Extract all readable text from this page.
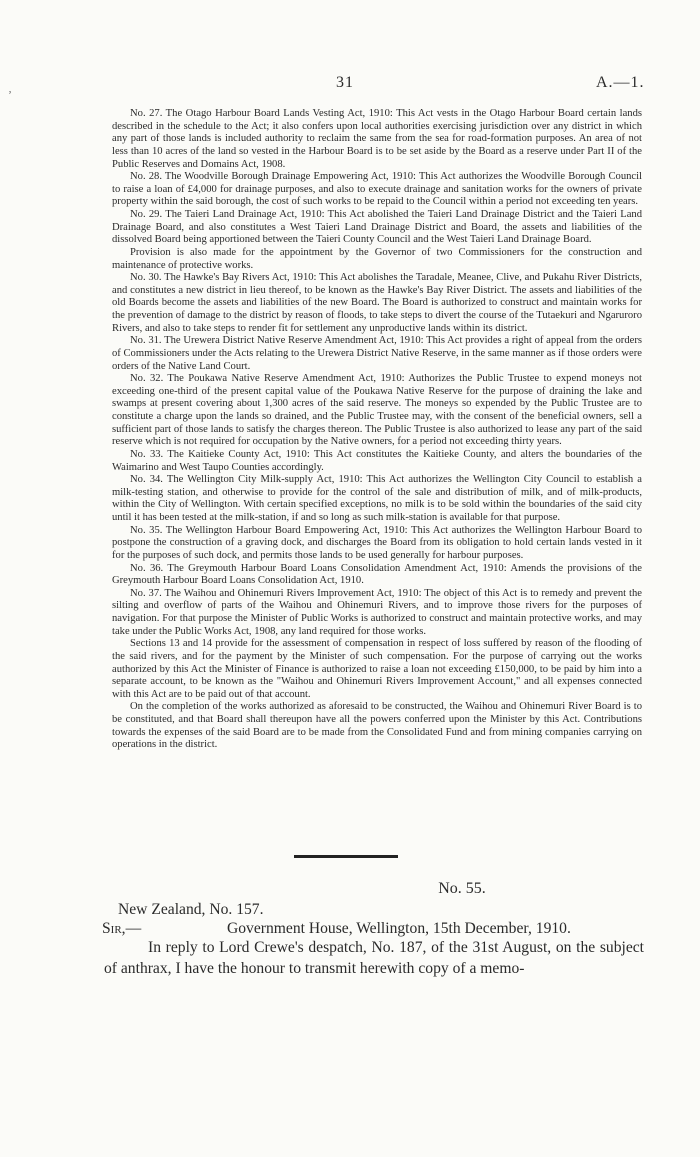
ʼ
31	A.—1.

No. 27. The Otago Harbour Board Lands Vesting Act, 1910: This Act vests in the Otago Harbour Board certain lands described in the schedule to the Act; it also confers upon local authorities exercising jurisdiction over any district in which any part of those lands is included authority to reclaim the same from the sea for road-formation purposes. An area of not less than 10 acres of the land so vested in the Harbour Board is to be set aside by the Board as a reserve under Part II of the Public Reserves and Domains Act, 1908.

No. 28. The Woodville Borough Drainage Empowering Act, 1910: This Act authorizes the Woodville Borough Council to raise a loan of £4,000 for drainage purposes, and also to execute drainage and sanitation works for the owners of private property within the said borough, the cost of such works to be repaid to the Council within a period not exceeding ten years.

No. 29. The Taieri Land Drainage Act, 1910: This Act abolished the Taieri Land Drainage District and the Taieri Land Drainage Board, and also constitutes a West Taieri Land Drainage District and Board, the assets and liabilities of the dissolved Board being apportioned between the Taieri County Council and the West Taieri Land Drainage Board.

Provision is also made for the appointment by the Governor of two Commissioners for the construction and maintenance of protective works.

No. 30. The Hawke's Bay Rivers Act, 1910: This Act abolishes the Taradale, Meanee, Clive, and Pukahu River Districts, and constitutes a new district in lieu thereof, to be known as the Hawke's Bay River District. The assets and liabilities of the old Boards become the assets and liabilities of the new Board. The Board is authorized to construct and maintain works for the prevention of damage to the district by reason of floods, to take steps to divert the course of the Tutaekuri and Ngaruroro Rivers, and also to take steps to render fit for settlement any unproductive lands within its district.

No. 31. The Urewera District Native Reserve Amendment Act, 1910: This Act provides a right of appeal from the orders of Commissioners under the Acts relating to the Urewera District Native Reserve, in the same manner as if those orders were orders of the Native Land Court.

No. 32. The Poukawa Native Reserve Amendment Act, 1910: Authorizes the Public Trustee to expend moneys not exceeding one-third of the present capital value of the Poukawa Native Reserve for the purpose of draining the lake and swamps at present covering about 1,300 acres of the said reserve. The moneys so expended by the Public Trustee are to constitute a charge upon the lands so drained, and the Public Trustee may, with the consent of the beneficial owners, sell a sufficient part of those lands to satisfy the charges thereon. The Public Trustee is also authorized to lease any part of the said reserve which is not required for occupation by the Native owners, for a period not exceeding thirty years.

No. 33. The Kaitieke County Act, 1910: This Act constitutes the Kaitieke County, and alters the boundaries of the Waimarino and West Taupo Counties accordingly.

No. 34. The Wellington City Milk-supply Act, 1910: This Act authorizes the Wellington City Council to establish a milk-testing station, and otherwise to provide for the control of the sale and distribution of milk, and of milk-products, within the City of Wellington. With certain specified exceptions, no milk is to be sold within the boundaries of the said city until it has been tested at the milk-station, if and so long as such milk-station is available for that purpose.

No. 35. The Wellington Harbour Board Empowering Act, 1910: This Act authorizes the Wellington Harbour Board to postpone the construction of a graving dock, and discharges the Board from its obligation to hold certain lands vested in it for the purposes of such dock, and permits those lands to be used generally for harbour purposes.

No. 36. The Greymouth Harbour Board Loans Consolidation Amendment Act, 1910: Amends the provisions of the Greymouth Harbour Board Loans Consolidation Act, 1910.

No. 37. The Waihou and Ohinemuri Rivers Improvement Act, 1910: The object of this Act is to remedy and prevent the silting and overflow of parts of the Waihou and Ohinemuri Rivers, and to improve those rivers for the purposes of navigation. For that purpose the Minister of Public Works is authorized to construct and maintain protective works, and may take under the Public Works Act, 1908, any land required for those works.

Sections 13 and 14 provide for the assessment of compensation in respect of loss suffered by reason of the flooding of the said rivers, and for the payment by the Minister of such compensation. For the purpose of carrying out the works authorized by this Act the Minister of Finance is authorized to raise a loan not exceeding £150,000, to be paid by him into a separate account, to be known as the "Waihou and Ohinemuri Rivers Improvement Account," and all expenses connected with this Act are to be paid out of that account.

On the completion of the works authorized as aforesaid to be constructed, the Waihou and Ohinemuri River Board is to be constituted, and that Board shall thereupon have all the powers conferred upon the Minister by this Act. Contributions towards the expenses of the said Board are to be made from the Consolidated Fund and from mining companies carrying on operations in the district.

No. 55.
New Zealand, No. 157.
Sir,—	Government House, Wellington, 15th December, 1910.

In reply to Lord Crewe's despatch, No. 187, of the 31st August, on the subject of anthrax, I have the honour to transmit herewith copy of a memo-
